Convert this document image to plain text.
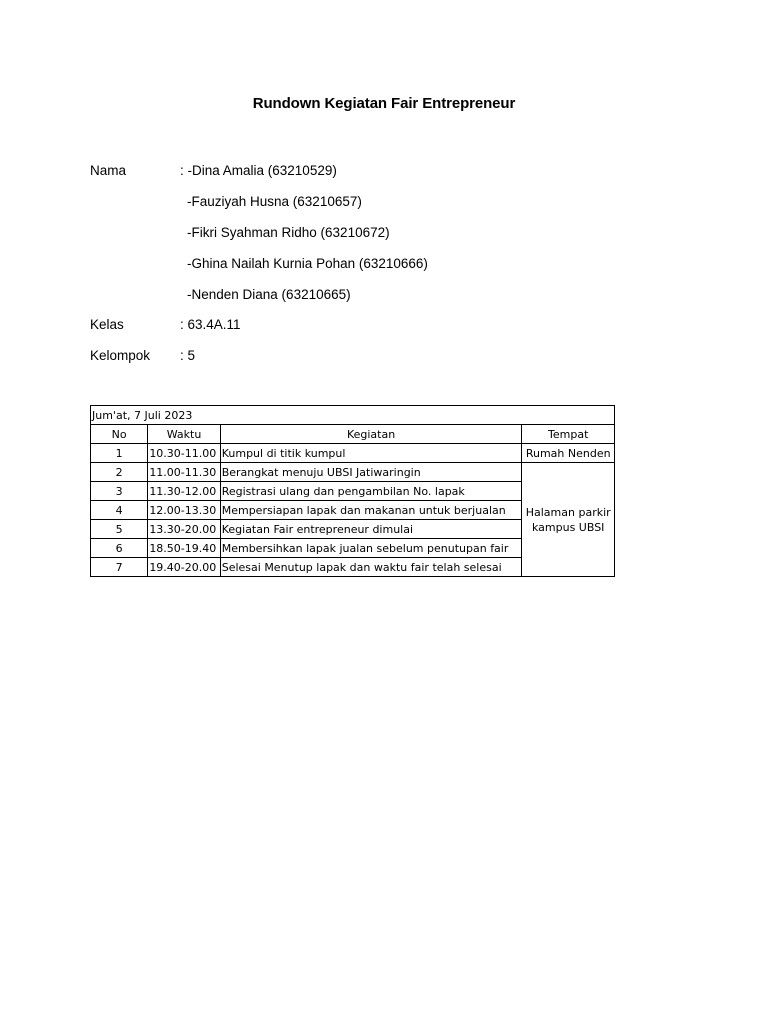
Rundown Kegiatan Fair Entrepreneur
Nama	: -Dina Amalia (63210529)
-Fauziyah Husna (63210657)
-Fikri Syahman Ridho (63210672)
-Ghina Nailah Kurnia Pohan (63210666)
-Nenden Diana (63210665)
Kelas	: 63.4A.11
Kelompok : 5
Jum'at, 7 Juli 2023			
No	Waktu	Kegiatan	Tempat
1	10.30-11.00	Kumpul di titik kumpul	Rumah Nenden
2	11.00-11.30	Berangkat menuju UBSI Jatiwaringin	Halaman parkir kampus UBSI
3	11.30-12.00	Registrasi ulang dan pengambilan No. lapak	
4	12.00-13.30	Mempersiapan lapak dan makanan untuk berjualan	
5	13.30-20.00	Kegiatan Fair entrepreneur dimulai	
6	18.50-19.40	Membersihkan lapak jualan sebelum penutupan fair	
7	19.40-20.00	Selesai Menutup lapak dan waktu fair telah selesai	
